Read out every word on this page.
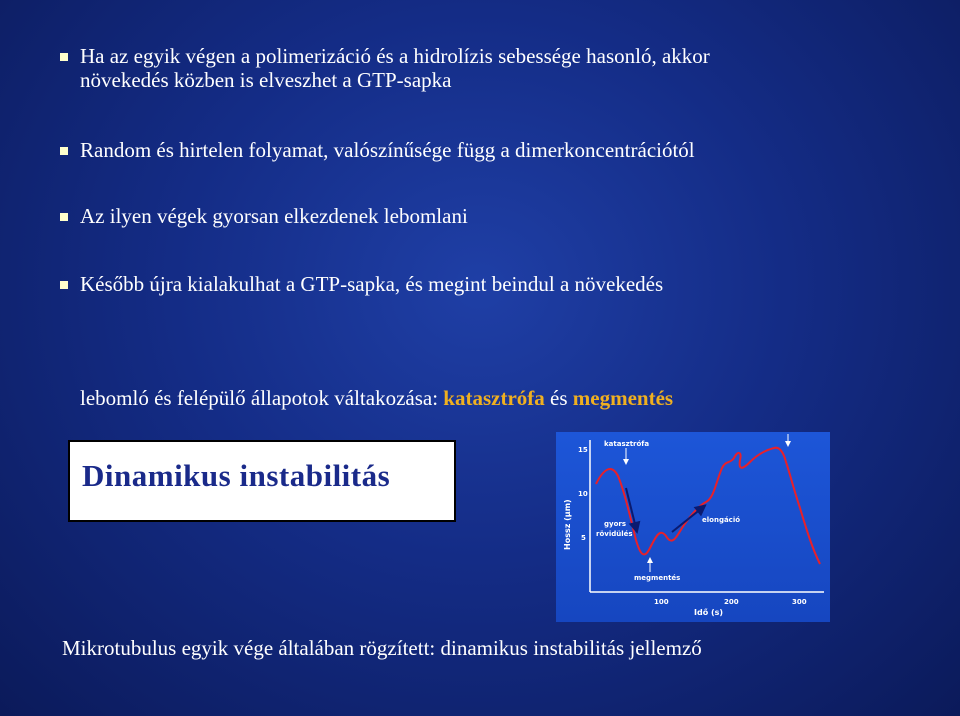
Ha az egyik végen a polimerizáció és a hidrolízis sebessége hasonló, akkor
növekedés közben is elveszhet a GTP-sapka
Random és hirtelen folyamat, valószínűsége függ a dimerkoncentrációtól
Az ilyen végek gyorsan elkezdenek lebomlani
Később újra kialakulhat a GTP-sapka, és megint beindul a növekedés
lebomló és felépülő állapotok váltakozása: katasztrófa és megmentés
Dinamikus instabilitás
15
10
5
100	200	300
Idő (s)
Hossz (μm)
katasztrófa
gyors
rövidülés
elongáció
megmentés
Mikrotubulus egyik vége általában rögzített: dinamikus instabilitás jellemző
